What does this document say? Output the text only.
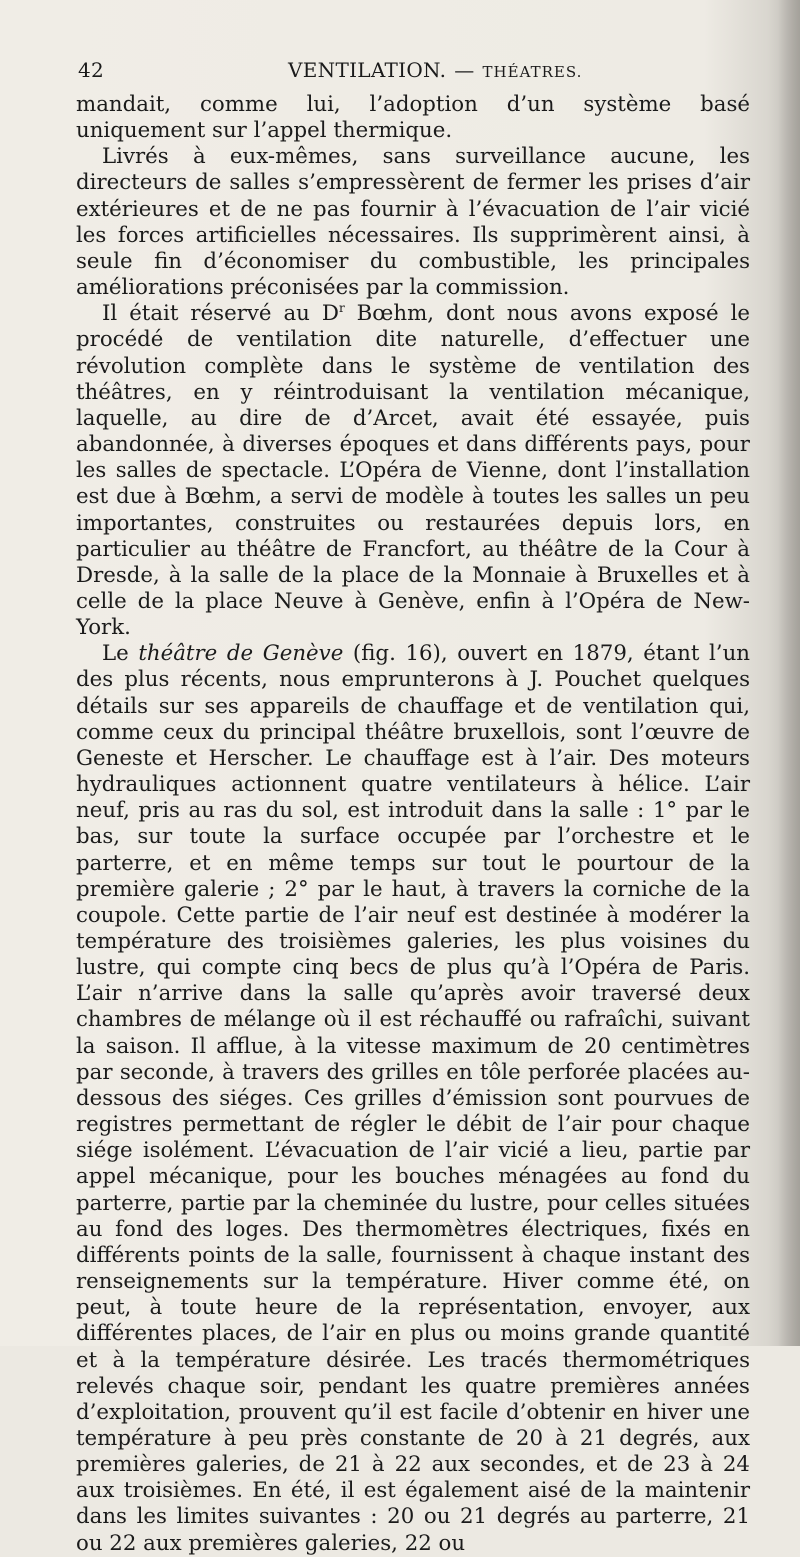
42	VENTILATION. — THÉATRES.

mandait, comme lui, l’adoption d’un système basé uniquement sur l’appel thermique.

Livrés à eux-mêmes, sans surveillance aucune, les directeurs de salles s’empressèrent de fermer les prises d’air extérieures et de ne pas fournir à l’évacuation de l’air vicié les forces artificielles nécessaires. Ils supprimèrent ainsi, à seule fin d’économiser du combustible, les principales améliorations préconisées par la commission.

Il était réservé au $D^r$ Bœhm, dont nous avons exposé le procédé de ventilation dite naturelle, d’effectuer une révolution complète dans le système de ventilation des théâtres, en y réintroduisant la ventilation mécanique, laquelle, au dire de d’Arcet, avait été essayée, puis abandonnée, à diverses époques et dans différents pays, pour les salles de spectacle. L’Opéra de Vienne, dont l’installation est due à Bœhm, a servi de modèle à toutes les salles un peu importantes, construites ou restaurées depuis lors, en particulier au théâtre de Francfort, au théâtre de la Cour à Dresde, à la salle de la place de la Monnaie à Bruxelles et à celle de la place Neuve à Genève, enfin à l’Opéra de New-York.

Le théâtre de Genève (fig. 16), ouvert en 1879, étant l’un des plus récents, nous emprunterons à J. Pouchet quelques détails sur ses appareils de chauffage et de ventilation qui, comme ceux du principal théâtre bruxellois, sont l’œuvre de Geneste et Herscher. Le chauffage est à l’air. Des moteurs hydrauliques actionnent quatre ventilateurs à hélice. L’air neuf, pris au ras du sol, est introduit dans la salle : 1° par le bas, sur toute la surface occupée par l’orchestre et le parterre, et en même temps sur tout le pourtour de la première galerie ; 2° par le haut, à travers la corniche de la coupole. Cette partie de l’air neuf est destinée à modérer la température des troisièmes galeries, les plus voisines du lustre, qui compte cinq becs de plus qu’à l’Opéra de Paris. L’air n’arrive dans la salle qu’après avoir traversé deux chambres de mélange où il est réchauffé ou rafraîchi, suivant la saison. Il afflue, à la vitesse maximum de 20 centimètres par seconde, à travers des grilles en tôle perforée placées au-dessous des siéges. Ces grilles d’émission sont pourvues de registres permettant de régler le débit de l’air pour chaque siége isolément. L’évacuation de l’air vicié a lieu, partie par appel mécanique, pour les bouches ménagées au fond du parterre, partie par la cheminée du lustre, pour celles situées au fond des loges. Des thermomètres électriques, fixés en différents points de la salle, fournissent à chaque instant des renseignements sur la température. Hiver comme été, on peut, à toute heure de la représentation, envoyer, aux différentes places, de l’air en plus ou moins grande quantité et à la température désirée. Les tracés thermométriques relevés chaque soir, pendant les quatre premières années d’exploitation, prouvent qu’il est facile d’obtenir en hiver une température à peu près constante de 20 à 21 degrés, aux premières galeries, de 21 à 22 aux secondes, et de 23 à 24 aux troisièmes. En été, il est également aisé de la maintenir dans les limites suivantes : 20 ou 21 degrés au parterre, 21 ou 22 aux premières galeries, 22 ou
